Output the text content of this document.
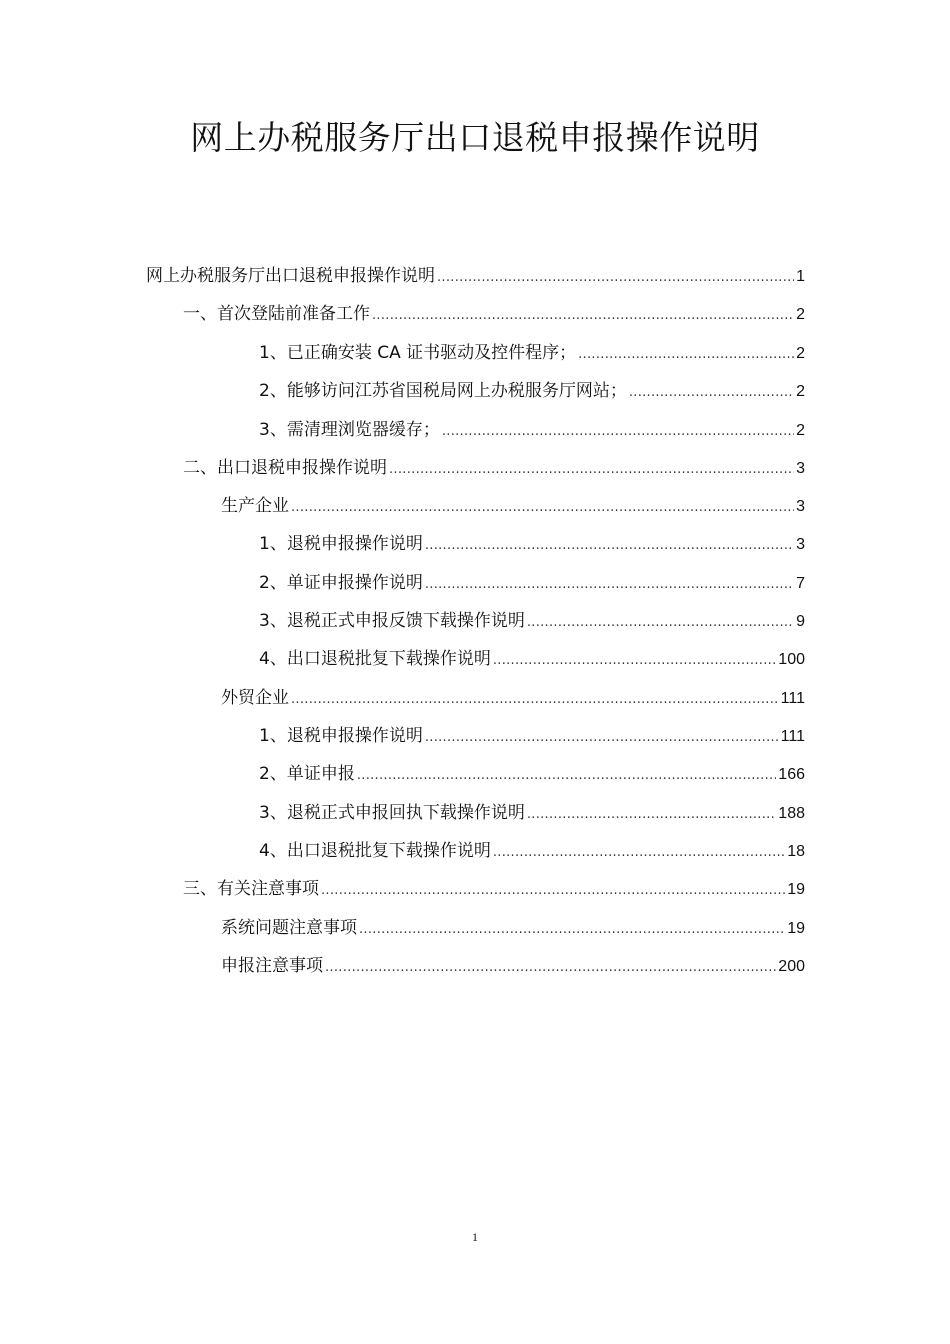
网上办税服务厅出口退税申报操作说明
网上办税服务厅出口退税申报操作说明 .....	1
一、首次登陆前准备工作 .....	2
1、已正确安装 CA 证书驱动及控件程序； .....	2
2、能够访问江苏省国税局网上办税服务厅网站； .....	2
3、需清理浏览器缓存； .....	2
二、出口退税申报操作说明 .....	3
生产企业 .....	3
1、退税申报操作说明 .....	3
2、单证申报操作说明 .....	7
3、退税正式申报反馈下载操作说明 .....	9
4、出口退税批复下载操作说明 .....	100
外贸企业 .....	111
1、退税申报操作说明 .....	111
2、单证申报 .....	166
3、退税正式申报回执下载操作说明 .....	188
4、出口退税批复下载操作说明 .....	18
三、有关注意事项 .....	19
系统问题注意事项 .....	19
申报注意事项 .....	200
1
